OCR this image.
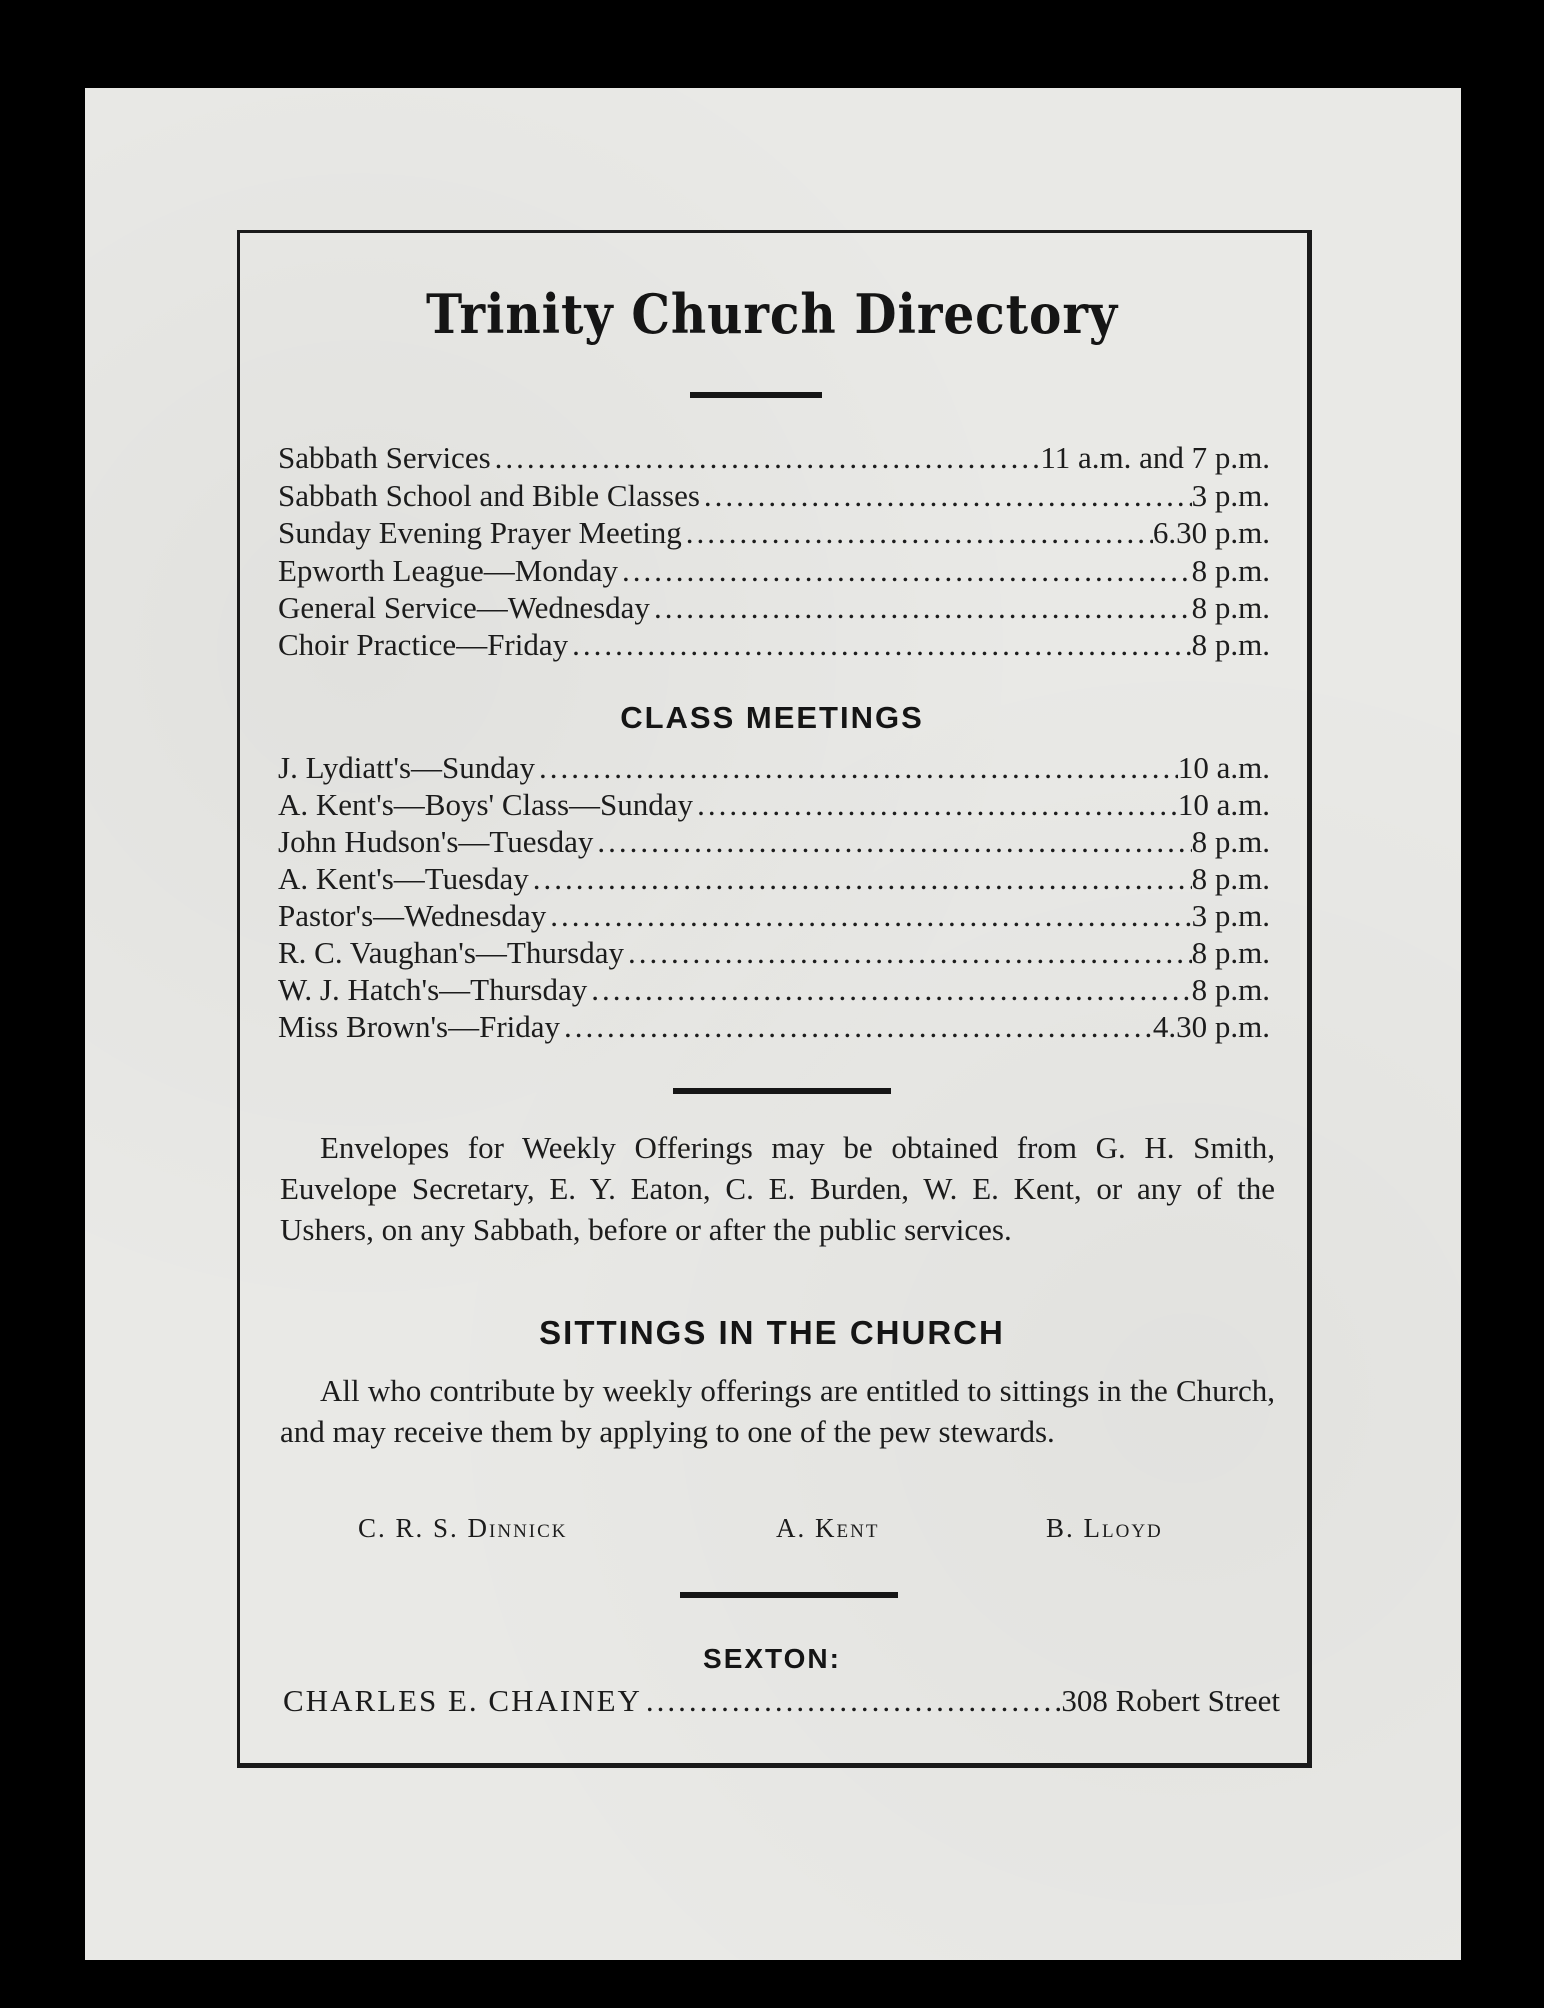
Trinity Church Directory
Sabbath Services .....	11 a.m. and 7 p.m.
Sabbath School and Bible Classes .....	3 p.m.
Sunday Evening Prayer Meeting .....	6.30 p.m.
Epworth League—Monday .....	8 p.m.
General Service—Wednesday .....	8 p.m.
Choir Practice—Friday .....	8 p.m.
CLASS MEETINGS
J. Lydiatt's—Sunday .....	10 a.m.
A. Kent's—Boys' Class—Sunday .....	10 a.m.
John Hudson's—Tuesday .....	8 p.m.
A. Kent's—Tuesday .....	8 p.m.
Pastor's—Wednesday .....	3 p.m.
R. C. Vaughan's—Thursday .....	8 p.m.
W. J. Hatch's—Thursday .....	8 p.m.
Miss Brown's—Friday .....	4.30 p.m.
Envelopes for Weekly Offerings may be obtained from G. H. Smith, Euvelope Secretary, E. Y. Eaton, C. E. Burden, W. E. Kent, or any of the Ushers, on any Sabbath, before or after the public services.
SITTINGS IN THE CHURCH
All who contribute by weekly offerings are entitled to sittings in the Church, and may receive them by applying to one of the pew stewards.
C. R. S. Dinnick	A. Kent	B. Lloyd
SEXTON:
CHARLES E. CHAINEY .....	308 Robert Street
